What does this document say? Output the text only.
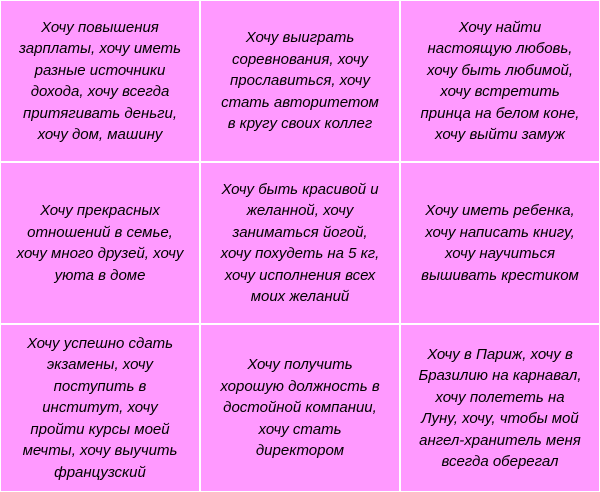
Хочу повышения
зарплаты, хочу иметь
разные источники
дохода, хочу всегда
притягивать деньги,
хочу дом, машину
Хочу выиграть
соревнования, хочу
прославиться, хочу
стать авторитетом
в кругу своих коллег
Хочу найти
настоящую любовь,
хочу быть любимой,
хочу встретить
принца на белом коне,
хочу выйти замуж
Хочу прекрасных
отношений в семье,
хочу много друзей, хочу
уюта в доме
Хочу быть красивой и
желанной, хочу
заниматься йогой,
хочу похудеть на 5 кг,
хочу исполнения всех
моих желаний
Хочу иметь ребенка,
хочу написать книгу,
хочу научиться
вышивать крестиком
Хочу успешно сдать
экзамены, хочу
поступить в
институт, хочу
пройти курсы моей
мечты, хочу выучить
французский
Хочу получить
хорошую должность в
достойной компании,
хочу стать
директором
Хочу в Париж, хочу в
Бразилию на карнавал,
хочу полететь на
Луну, хочу, чтобы мой
ангел-хранитель меня
всегда оберегал
